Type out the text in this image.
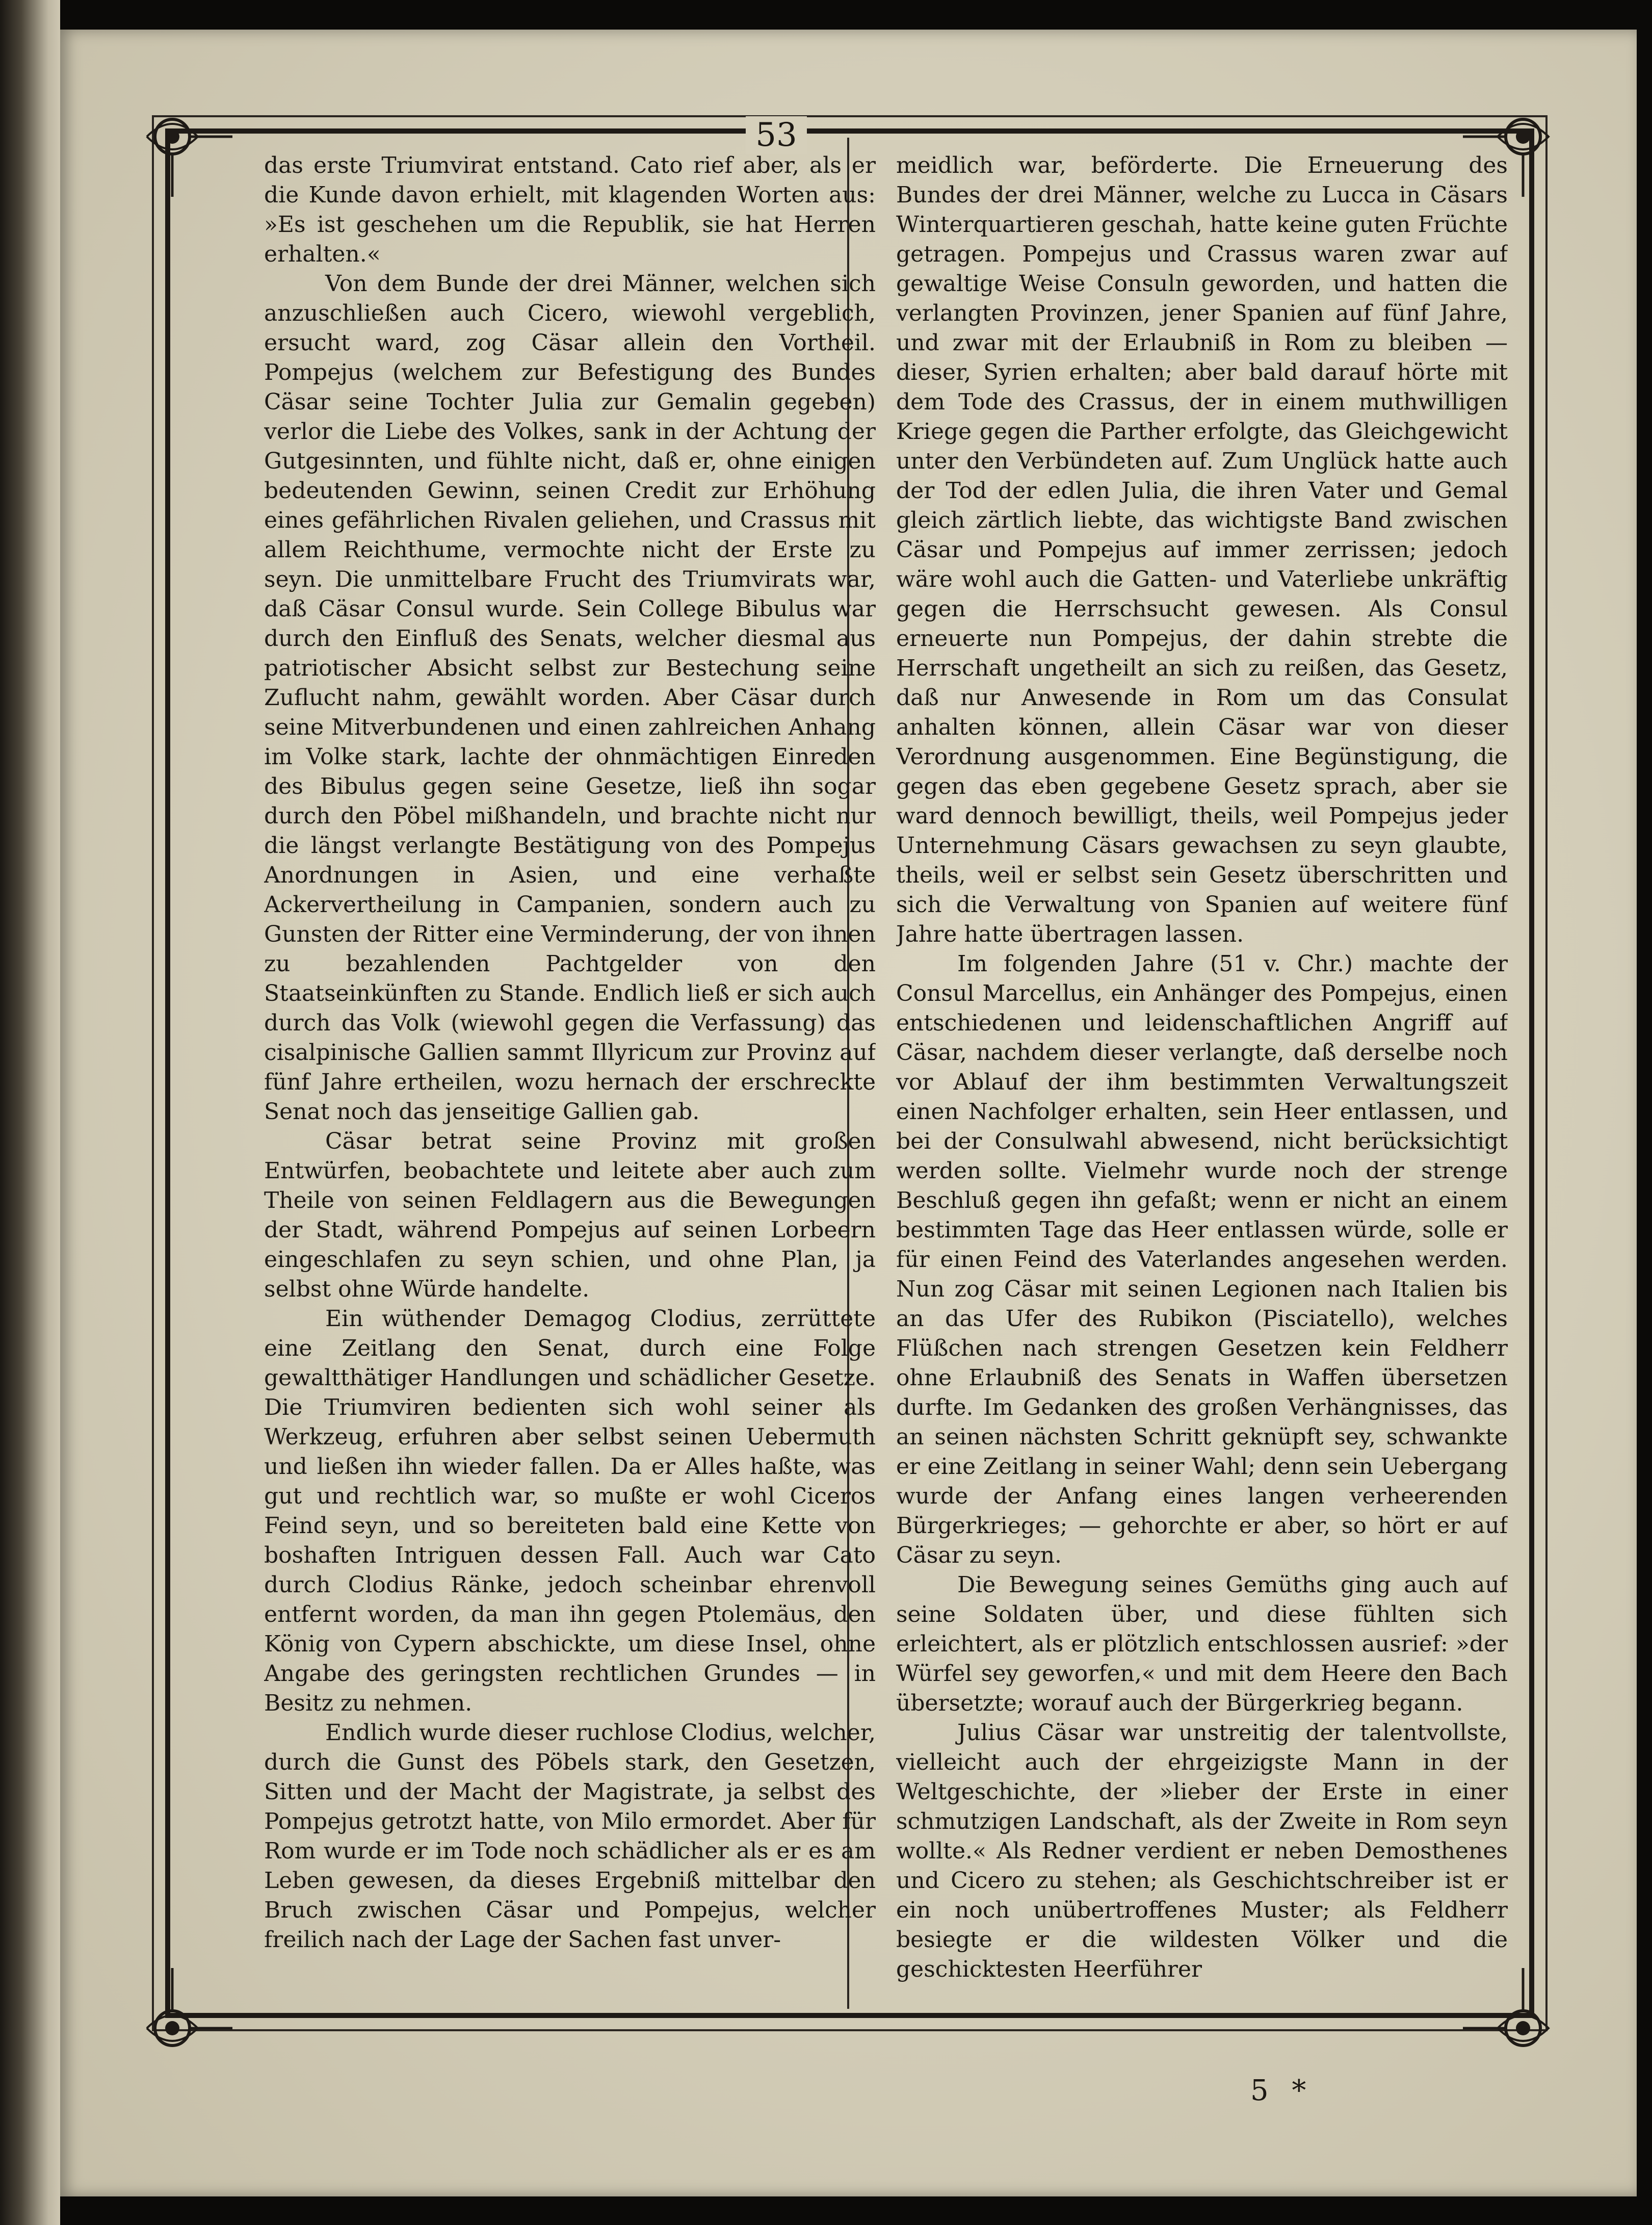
53

das erste Triumvirat entstand. Cato rief aber, als er die Kunde davon erhielt, mit klagenden Worten aus: »Es ist geschehen um die Republik, sie hat Herren erhalten.«

Von dem Bunde der drei Männer, welchen sich anzuschließen auch Cicero, wiewohl vergeblich, ersucht ward, zog Cäsar allein den Vortheil. Pompejus (welchem zur Befestigung des Bundes Cäsar seine Tochter Julia zur Gemalin gegeben) verlor die Liebe des Volkes, sank in der Achtung der Gutgesinnten, und fühlte nicht, daß er, ohne einigen bedeutenden Gewinn, seinen Credit zur Erhöhung eines gefährlichen Rivalen geliehen, und Crassus mit allem Reichthume, vermochte nicht der Erste zu seyn. Die unmittelbare Frucht des Triumvirats war, daß Cäsar Consul wurde. Sein College Bibulus war durch den Einfluß des Senats, welcher diesmal aus patriotischer Absicht selbst zur Bestechung seine Zuflucht nahm, gewählt worden. Aber Cäsar durch seine Mitverbundenen und einen zahlreichen Anhang im Volke stark, lachte der ohnmächtigen Einreden des Bibulus gegen seine Gesetze, ließ ihn sogar durch den Pöbel mißhandeln, und brachte nicht nur die längst verlangte Bestätigung von des Pompejus Anordnungen in Asien, und eine verhaßte Ackervertheilung in Campanien, sondern auch zu Gunsten der Ritter eine Verminderung, der von ihnen zu bezahlenden Pachtgelder von den Staatseinkünften zu Stande. Endlich ließ er sich auch durch das Volk (wiewohl gegen die Verfassung) das cisalpinische Gallien sammt Illyricum zur Provinz auf fünf Jahre ertheilen, wozu hernach der erschreckte Senat noch das jenseitige Gallien gab.

Cäsar betrat seine Provinz mit großen Entwürfen, beobachtete und leitete aber auch zum Theile von seinen Feldlagern aus die Bewegungen der Stadt, während Pompejus auf seinen Lorbeern eingeschlafen zu seyn schien, und ohne Plan, ja selbst ohne Würde handelte.

Ein wüthender Demagog Clodius, zerrüttete eine Zeitlang den Senat, durch eine Folge gewaltthätiger Handlungen und schädlicher Gesetze. Die Triumviren bedienten sich wohl seiner als Werkzeug, erfuhren aber selbst seinen Uebermuth und ließen ihn wieder fallen. Da er Alles haßte, was gut und rechtlich war, so mußte er wohl Ciceros Feind seyn, und so bereiteten bald eine Kette von boshaften Intriguen dessen Fall. Auch war Cato durch Clodius Ränke, jedoch scheinbar ehrenvoll entfernt worden, da man ihn gegen Ptolemäus, den König von Cypern abschickte, um diese Insel, ohne Angabe des geringsten rechtlichen Grundes — in Besitz zu nehmen.

Endlich wurde dieser ruchlose Clodius, welcher, durch die Gunst des Pöbels stark, den Gesetzen, Sitten und der Macht der Magistrate, ja selbst des Pompejus getrotzt hatte, von Milo ermordet. Aber für Rom wurde er im Tode noch schädlicher als er es am Leben gewesen, da dieses Ergebniß mittelbar den Bruch zwischen Cäsar und Pompejus, welcher freilich nach der Lage der Sachen fast unver-

meidlich war, beförderte. Die Erneuerung des Bundes der drei Männer, welche zu Lucca in Cäsars Winterquartieren geschah, hatte keine guten Früchte getragen. Pompejus und Crassus waren zwar auf gewaltige Weise Consuln geworden, und hatten die verlangten Provinzen, jener Spanien auf fünf Jahre, und zwar mit der Erlaubniß in Rom zu bleiben — dieser, Syrien erhalten; aber bald darauf hörte mit dem Tode des Crassus, der in einem muthwilligen Kriege gegen die Parther erfolgte, das Gleichgewicht unter den Verbündeten auf. Zum Unglück hatte auch der Tod der edlen Julia, die ihren Vater und Gemal gleich zärtlich liebte, das wichtigste Band zwischen Cäsar und Pompejus auf immer zerrissen; jedoch wäre wohl auch die Gatten- und Vaterliebe unkräftig gegen die Herrschsucht gewesen. Als Consul erneuerte nun Pompejus, der dahin strebte die Herrschaft ungetheilt an sich zu reißen, das Gesetz, daß nur Anwesende in Rom um das Consulat anhalten können, allein Cäsar war von dieser Verordnung ausgenommen. Eine Begünstigung, die gegen das eben gegebene Gesetz sprach, aber sie ward dennoch bewilligt, theils, weil Pompejus jeder Unternehmung Cäsars gewachsen zu seyn glaubte, theils, weil er selbst sein Gesetz überschritten und sich die Verwaltung von Spanien auf weitere fünf Jahre hatte übertragen lassen.

Im folgenden Jahre (51 v. Chr.) machte der Consul Marcellus, ein Anhänger des Pompejus, einen entschiedenen und leidenschaftlichen Angriff auf Cäsar, nachdem dieser verlangte, daß derselbe noch vor Ablauf der ihm bestimmten Verwaltungszeit einen Nachfolger erhalten, sein Heer entlassen, und bei der Consulwahl abwesend, nicht berücksichtigt werden sollte. Vielmehr wurde noch der strenge Beschluß gegen ihn gefaßt; wenn er nicht an einem bestimmten Tage das Heer entlassen würde, solle er für einen Feind des Vaterlandes angesehen werden. Nun zog Cäsar mit seinen Legionen nach Italien bis an das Ufer des Rubikon (Pisciatello), welches Flüßchen nach strengen Gesetzen kein Feldherr ohne Erlaubniß des Senats in Waffen übersetzen durfte. Im Gedanken des großen Verhängnisses, das an seinen nächsten Schritt geknüpft sey, schwankte er eine Zeitlang in seiner Wahl; denn sein Uebergang wurde der Anfang eines langen verheerenden Bürgerkrieges; — gehorchte er aber, so hört er auf Cäsar zu seyn.

Die Bewegung seines Gemüths ging auch auf seine Soldaten über, und diese fühlten sich erleichtert, als er plötzlich entschlossen ausrief: »der Würfel sey geworfen,« und mit dem Heere den Bach übersetzte; worauf auch der Bürgerkrieg begann.

Julius Cäsar war unstreitig der talentvollste, vielleicht auch der ehrgeizigste Mann in der Weltgeschichte, der »lieber der Erste in einer schmutzigen Landschaft, als der Zweite in Rom seyn wollte.« Als Redner verdient er neben Demosthenes und Cicero zu stehen; als Geschichtschreiber ist er ein noch unübertroffenes Muster; als Feldherr besiegte er die wildesten Völker und die geschicktesten Heerführer

5 *
